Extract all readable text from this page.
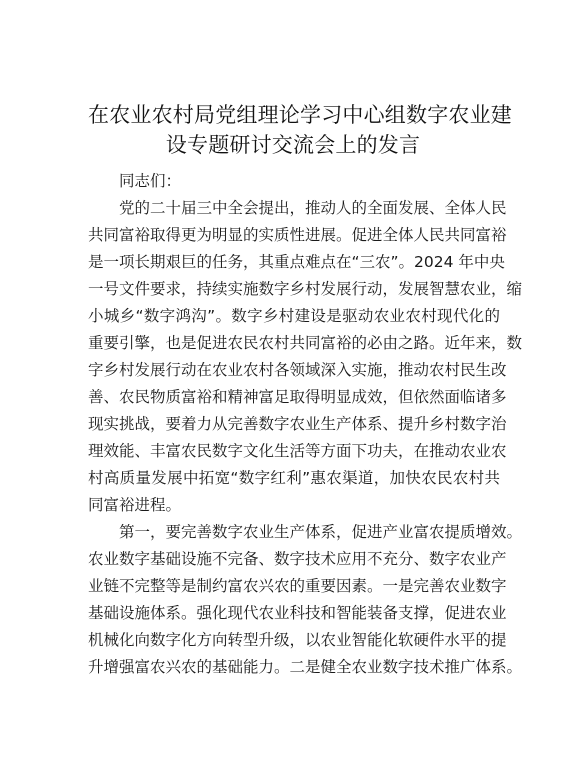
在农业农村局党组理论学习中心组数字农业建
设专题研讨交流会上的发言
同志们：
党的二十届三中全会提出，推动人的全面发展、全体人民
共同富裕取得更为明显的实质性进展。促进全体人民共同富裕
是一项长期艰巨的任务，其重点难点在“三农”。2024 年中央
一号文件要求，持续实施数字乡村发展行动，发展智慧农业，缩
小城乡“数字鸿沟”。数字乡村建设是驱动农业农村现代化的
重要引擎，也是促进农民农村共同富裕的必由之路。近年来，数
字乡村发展行动在农业农村各领域深入实施，推动农村民生改
善、农民物质富裕和精神富足取得明显成效，但依然面临诸多
现实挑战，要着力从完善数字农业生产体系、提升乡村数字治
理效能、丰富农民数字文化生活等方面下功夫，在推动农业农
村高质量发展中拓宽“数字红利”惠农渠道，加快农民农村共
同富裕进程。
第一，要完善数字农业生产体系，促进产业富农提质增效。
农业数字基础设施不完备、数字技术应用不充分、数字农业产
业链不完整等是制约富农兴农的重要因素。一是完善农业数字
基础设施体系。强化现代农业科技和智能装备支撑，促进农业
机械化向数字化方向转型升级，以农业智能化软硬件水平的提
升增强富农兴农的基础能力。二是健全农业数字技术推广体系。
